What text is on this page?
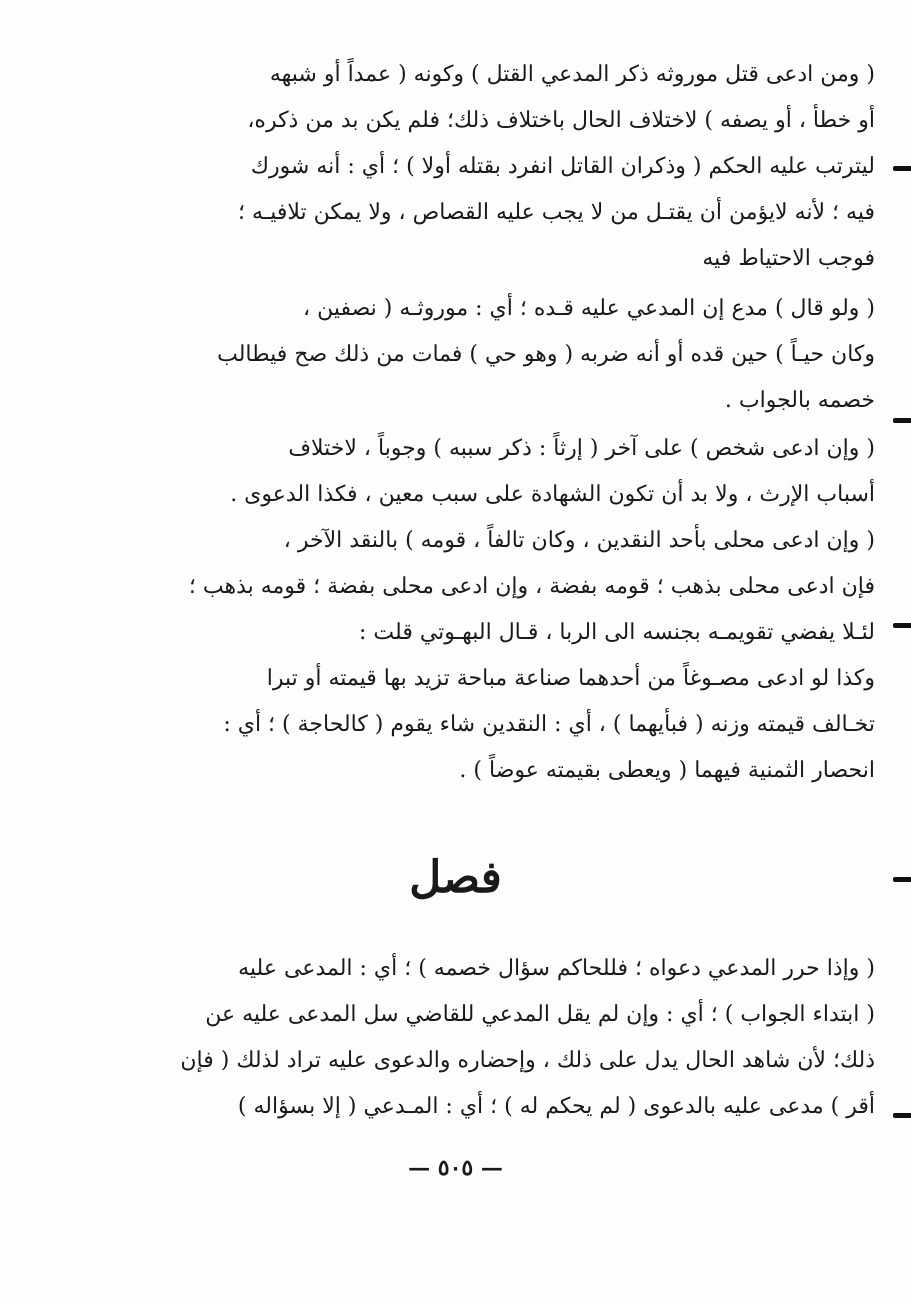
( ومن ادعى قتل موروثه ذكر المدعي القتل ) وكونه ( عمداً أو شبهه
أو خطأ ، أو يصفه ) لاختلاف الحال باختلاف ذلك؛ فلم يكن بد من ذكره،
ليترتب عليه الحكم ( وذكران القاتل انفرد بقتله أولا ) ؛ أي : أنه شورك
فيه ؛ لأنه لايؤمن أن يقتـل من لا يجب عليه القصاص ، ولا يمكن تلافيـه ؛
فوجب الاحتياط فيه
( ولو قال ) مدع إن المدعي عليه قـده ؛ أي : موروثـه ( نصفين ،
وكان حيـاً ) حين قده أو أنه ضربه ( وهو حي ) فمات من ذلك صح فيطالب
خصمه بالجواب .
( وإن ادعى شخص ) على آخر ( إرثاً : ذكر سببه ) وجوباً ، لاختلاف
أسباب الإرث ، ولا بد أن تكون الشهادة على سبب معين ، فكذا الدعوى .
( وإن ادعى محلى بأحد النقدين ، وكان تالفاً ، قومه ) بالنقد الآخر ،
فإن ادعى محلى بذهب ؛ قومه بفضة ، وإن ادعى محلى بفضة ؛ قومه بذهب ؛
لئـلا يفضي تقويمـه بجنسه الى الربا ، قـال البهـوتي قلت :
وكذا لو ادعى مصـوغاً من أحدهما صناعة مباحة تزيد بها قيمته أو تبرا
تخـالف قيمته وزنه ( فبأيهما ) ، أي : النقدين شاء يقوم ( كالحاجة ) ؛ أي :
انحصار الثمنية فيهما ( ويعطى بقيمته عوضاً ) .
فصل
( وإذا حرر المدعي دعواه ؛ فللحاكم سؤال خصمه ) ؛ أي : المدعى عليه
( ابتداء الجواب ) ؛ أي : وإن لم يقل المدعي للقاضي سل المدعى عليه عن
ذلك؛ لأن شاهد الحال يدل على ذلك ، وإحضاره والدعوى عليه تراد لذلك ( فإن
أقر ) مدعى عليه بالدعوى ( لم يحكم له ) ؛ أي : المـدعي ( إلا بسؤاله )
— ٥٠٥ —
